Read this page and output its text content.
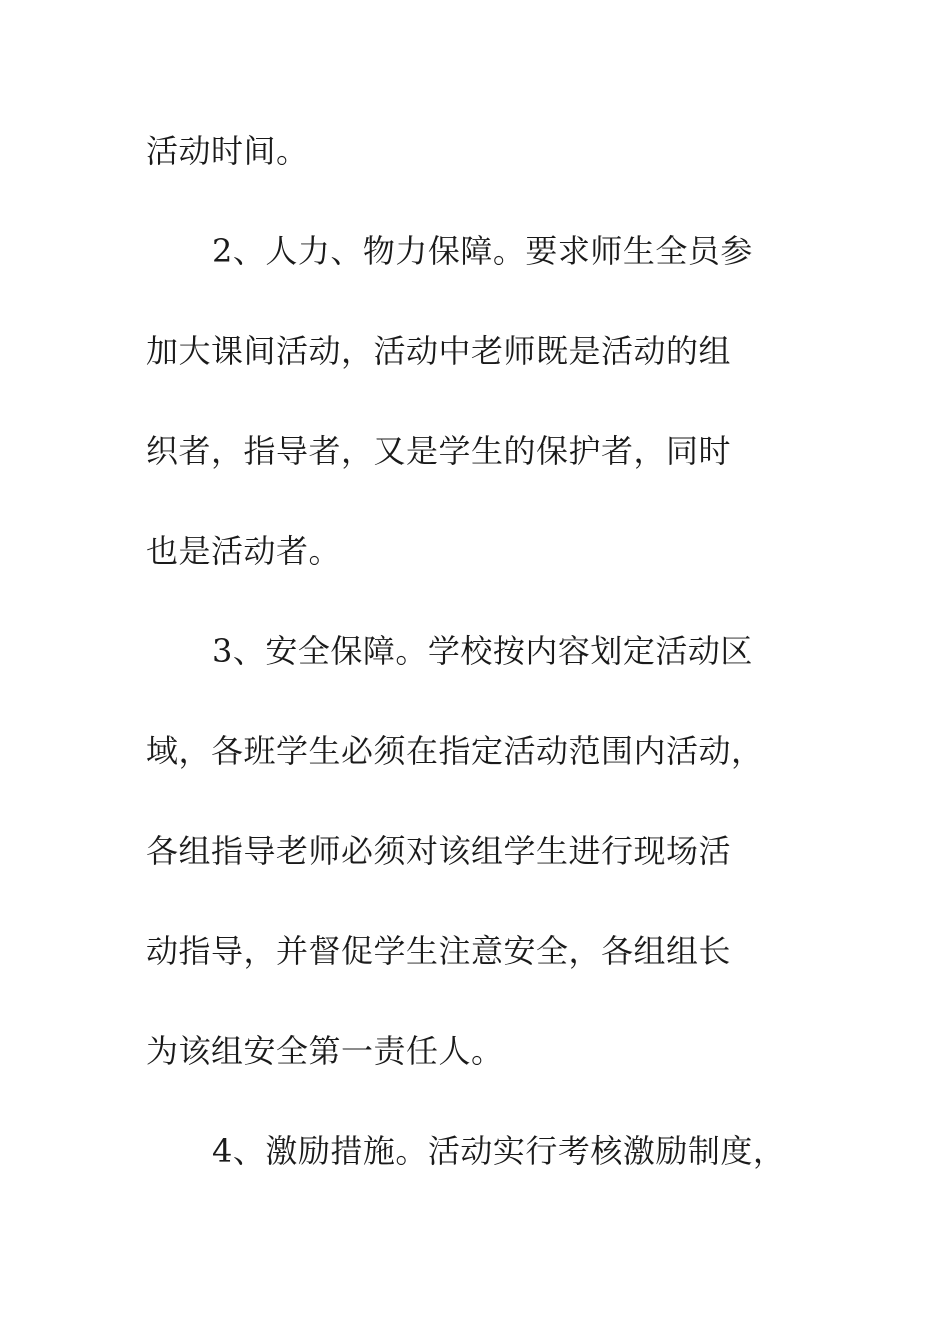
活动时间。
2、人力、物力保障。要求师生全员参
加大课间活动，活动中老师既是活动的组
织者，指导者，又是学生的保护者，同时
也是活动者。
3、安全保障。学校按内容划定活动区
域，各班学生必须在指定活动范围内活动，
各组指导老师必须对该组学生进行现场活
动指导，并督促学生注意安全，各组组长
为该组安全第一责任人。
4、激励措施。活动实行考核激励制度，
